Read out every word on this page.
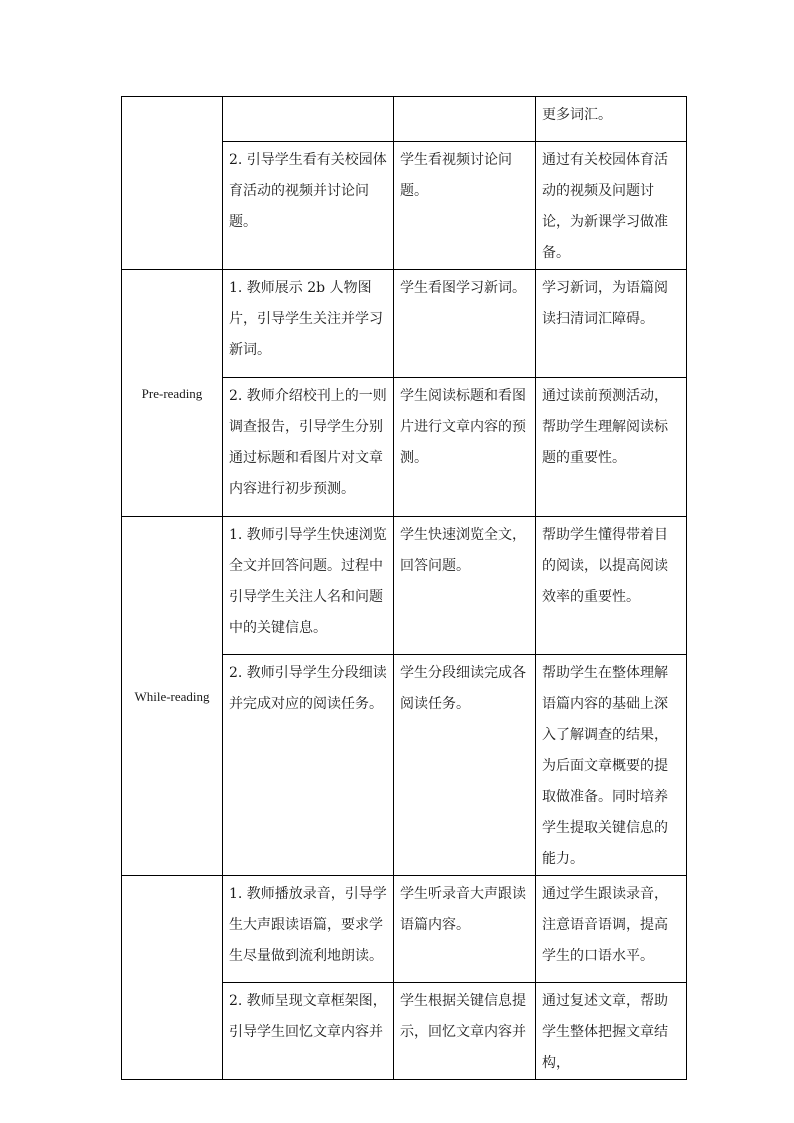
			更多词汇。

	2. 引导学生看有关校园体育活动的视频并讨论问题。	学生看视频讨论问题。	通过有关校园体育活动的视频及问题讨论，为新课学习做准备。

Pre-reading	1. 教师展示 2b 人物图片，引导学生关注并学习新词。	学生看图学习新词。	学习新词，为语篇阅读扫清词汇障碍。

	2. 教师介绍校刊上的一则调查报告，引导学生分别通过标题和看图片对文章内容进行初步预测。	学生阅读标题和看图片进行文章内容的预测。	通过读前预测活动，帮助学生理解阅读标题的重要性。

While-reading	1. 教师引导学生快速浏览全文并回答问题。过程中引导学生关注人名和问题中的关键信息。	学生快速浏览全文，回答问题。	帮助学生懂得带着目的阅读，以提高阅读效率的重要性。

	2. 教师引导学生分段细读并完成对应的阅读任务。	学生分段细读完成各阅读任务。	帮助学生在整体理解语篇内容的基础上深入了解调查的结果，为后面文章概要的提取做准备。同时培养学生提取关键信息的能力。

	1. 教师播放录音，引导学生大声跟读语篇，要求学生尽量做到流利地朗读。	学生听录音大声跟读语篇内容。	通过学生跟读录音，注意语音语调，提高学生的口语水平。

	2. 教师呈现文章框架图，引导学生回忆文章内容并	学生根据关键信息提示，回忆文章内容并	通过复述文章，帮助学生整体把握文章结构，
